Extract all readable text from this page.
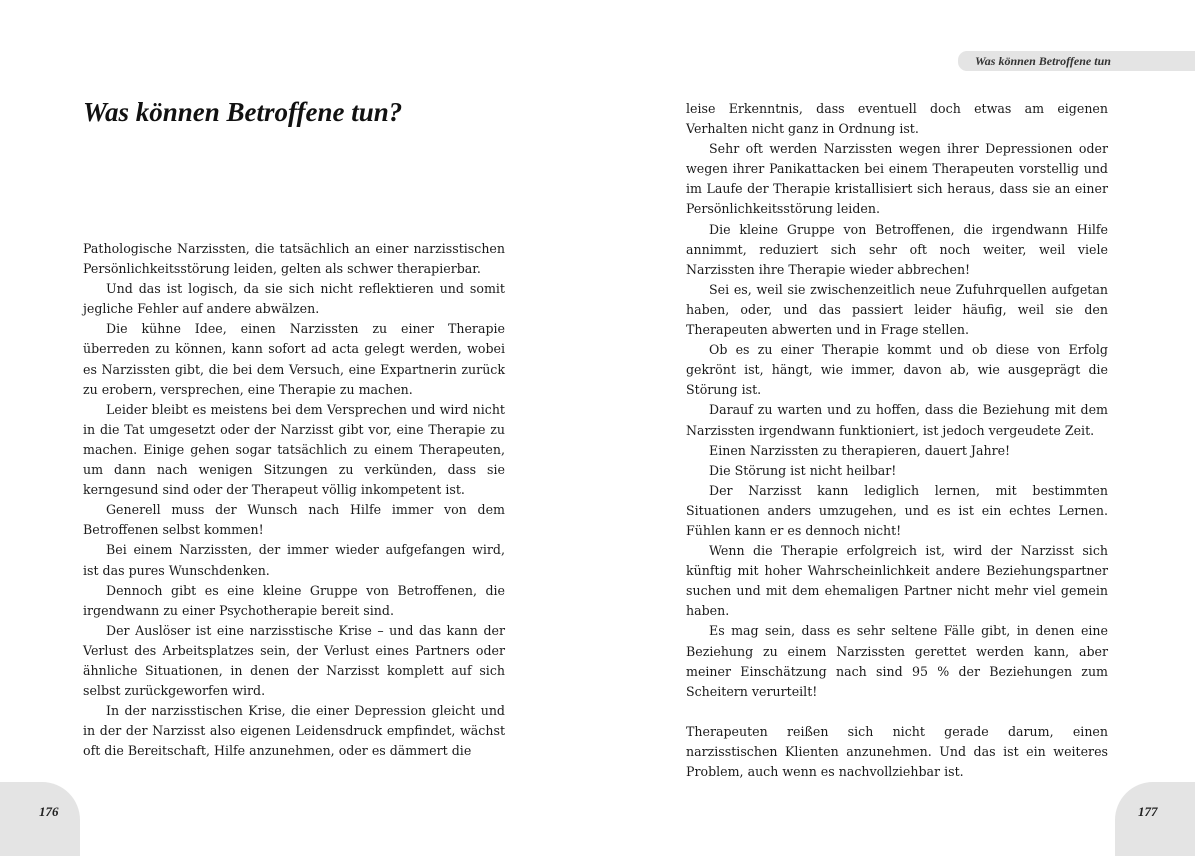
Was können Betroffene tun?

Pathologische Narzissten, die tatsächlich an einer narzisstischen Persönlichkeitsstörung leiden, gelten als schwer therapierbar.

Und das ist logisch, da sie sich nicht reflektieren und somit jegliche Fehler auf andere abwälzen.

Die kühne Idee, einen Narzissten zu einer Therapie überreden zu können, kann sofort ad acta gelegt werden, wobei es Narzissten gibt, die bei dem Versuch, eine Expartnerin zurück zu erobern, versprechen, eine Therapie zu machen.

Leider bleibt es meistens bei dem Versprechen und wird nicht in die Tat umgesetzt oder der Narzisst gibt vor, eine Therapie zu machen. Einige gehen sogar tatsächlich zu einem Therapeuten, um dann nach wenigen Sitzungen zu verkünden, dass sie kerngesund sind oder der Therapeut völlig inkompetent ist.

Generell muss der Wunsch nach Hilfe immer von dem Betroffenen selbst kommen!

Bei einem Narzissten, der immer wieder aufgefangen wird, ist das pures Wunschdenken.

Dennoch gibt es eine kleine Gruppe von Betroffenen, die irgendwann zu einer Psychotherapie bereit sind.

Der Auslöser ist eine narzisstische Krise – und das kann der Verlust des Arbeitsplatzes sein, der Verlust eines Partners oder ähnliche Situationen, in denen der Narzisst komplett auf sich selbst zurückgeworfen wird.

In der narzisstischen Krise, die einer Depression gleicht und in der der Narzisst also eigenen Leidensdruck empfindet, wächst oft die Bereitschaft, Hilfe anzunehmen, oder es dämmert die

176
Was können Betroffene tun

leise Erkenntnis, dass eventuell doch etwas am eigenen Verhalten nicht ganz in Ordnung ist.

Sehr oft werden Narzissten wegen ihrer Depressionen oder wegen ihrer Panikattacken bei einem Therapeuten vorstellig und im Laufe der Therapie kristallisiert sich heraus, dass sie an einer Persönlichkeitsstörung leiden.

Die kleine Gruppe von Betroffenen, die irgendwann Hilfe annimmt, reduziert sich sehr oft noch weiter, weil viele Narzissten ihre Therapie wieder abbrechen!

Sei es, weil sie zwischenzeitlich neue Zufuhrquellen aufgetan haben, oder, und das passiert leider häufig, weil sie den Therapeuten abwerten und in Frage stellen.

Ob es zu einer Therapie kommt und ob diese von Erfolg gekrönt ist, hängt, wie immer, davon ab, wie ausgeprägt die Störung ist.

Darauf zu warten und zu hoffen, dass die Beziehung mit dem Narzissten irgendwann funktioniert, ist jedoch vergeudete Zeit.

Einen Narzissten zu therapieren, dauert Jahre!

Die Störung ist nicht heilbar!

Der Narzisst kann lediglich lernen, mit bestimmten Situationen anders umzugehen, und es ist ein echtes Lernen. Fühlen kann er es dennoch nicht!

Wenn die Therapie erfolgreich ist, wird der Narzisst sich künftig mit hoher Wahrscheinlichkeit andere Beziehungspartner suchen und mit dem ehemaligen Partner nicht mehr viel gemein haben.

Es mag sein, dass es sehr seltene Fälle gibt, in denen eine Beziehung zu einem Narzissten gerettet werden kann, aber meiner Einschätzung nach sind 95 % der Beziehungen zum Scheitern verurteilt!

Therapeuten reißen sich nicht gerade darum, einen narzisstischen Klienten anzunehmen. Und das ist ein weiteres Problem, auch wenn es nachvollziehbar ist.

177
